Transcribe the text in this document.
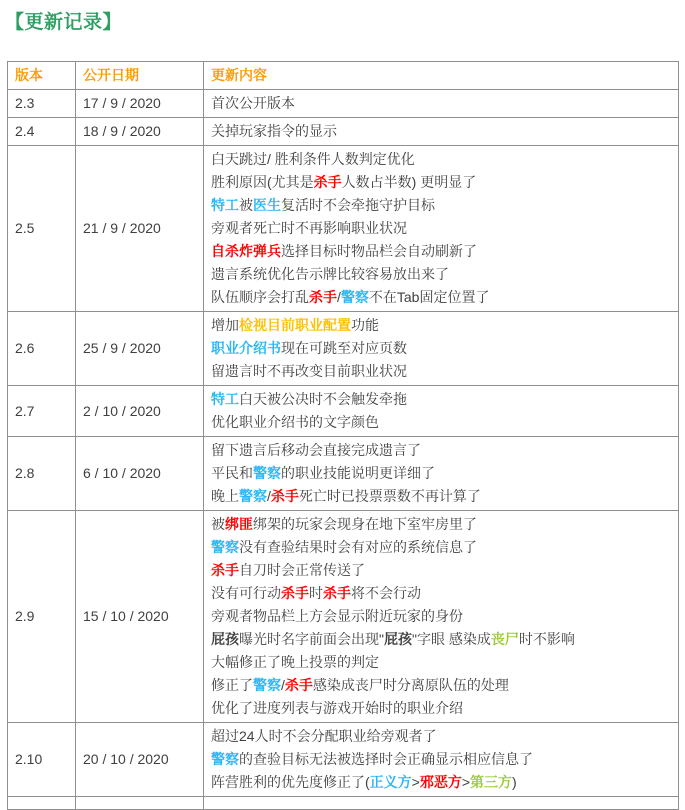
【更新记录】
版本	公开日期	更新内容
2.3	17 / 9 / 2020	首次公开版本

2.4	18 / 9 / 2020	关掉玩家指令的显示

2.5	21 / 9 / 2020	
白天跳过/ 胜利条件人数判定优化
胜利原因(尤其是杀手人数占半数) 更明显了
特工被医生复活时不会牵拖守护目标
旁观者死亡时不再影响职业状况
自杀炸弹兵选择目标时物品栏会自动刷新了
遗言系统优化告示牌比较容易放出来了
队伍顺序会打乱杀手/警察不在Tab固定位置了

2.6	25 / 9 / 2020	增加检视目前职业配置功能
职业介绍书现在可跳至对应页数
留遗言时不再改变目前职业状况

2.7	2 / 10 / 2020	特工白天被公决时不会触发牵拖
优化职业介绍书的文字颜色

2.8	6 / 10 / 2020	留下遗言后移动会直接完成遗言了
平民和警察的职业技能说明更详细了
晚上警察/杀手死亡时已投票票数不再计算了

2.9	15 / 10 / 2020	
被绑匪绑架的玩家会现身在地下室牢房里了
警察没有查验结果时会有对应的系统信息了
杀手自刀时会正常传送了
没有可行动杀手时杀手将不会行动
旁观者物品栏上方会显示附近玩家的身份
屁孩曝光时名字前面会出现"屁孩"字眼 感染成丧尸时不影响
大幅修正了晚上投票的判定
修正了警察/杀手感染成丧尸时分离原队伍的处理
优化了进度列表与游戏开始时的职业介绍

2.10	20 / 10 / 2020	超过24人时不会分配职业给旁观者了
警察的查验目标无法被选择时会正确显示相应信息了
阵营胜利的优先度修正了(正义方>邪恶方>第三方)
